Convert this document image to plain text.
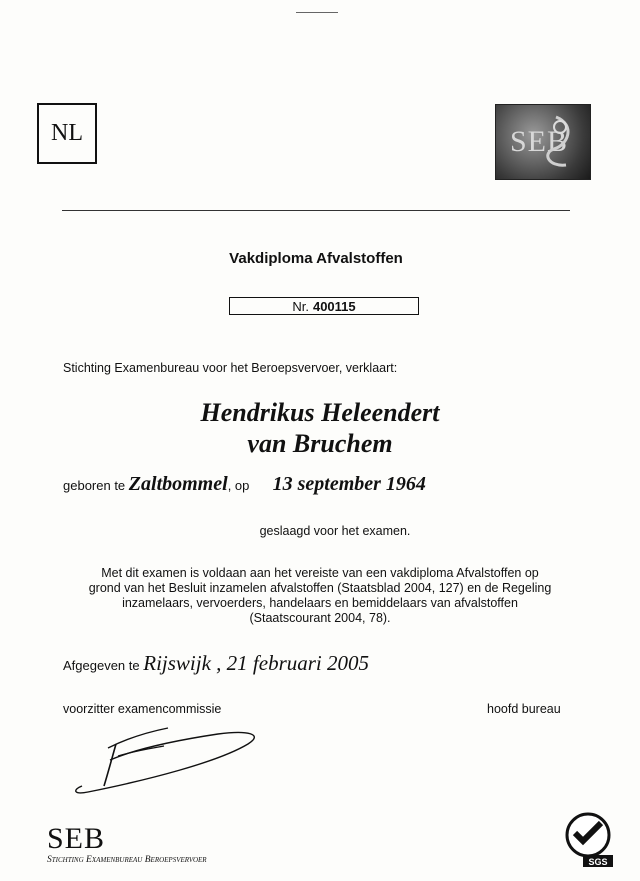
NL	SEB
Vakdiploma Afvalstoffen
Nr. 400115
Stichting Examenbureau voor het Beroepsvervoer, verklaart:
Hendrikus Heleendert
van Bruchem
geboren te Zaltbommel, op 13 september 1964
geslaagd voor het examen.
Met dit examen is voldaan aan het vereiste van een vakdiploma Afvalstoffen op
grond van het Besluit inzamelen afvalstoffen (Staatsblad 2004, 127) en de Regeling
inzamelaars, vervoerders, handelaars en bemiddelaars van afvalstoffen
(Staatscourant 2004, 78).
Afgegeven te Rijswijk , 21 februari 2005
voorzitter examencommissie	hoofd bureau
SEB
Stichting Examenbureau Beroepsvervoer	SGS
